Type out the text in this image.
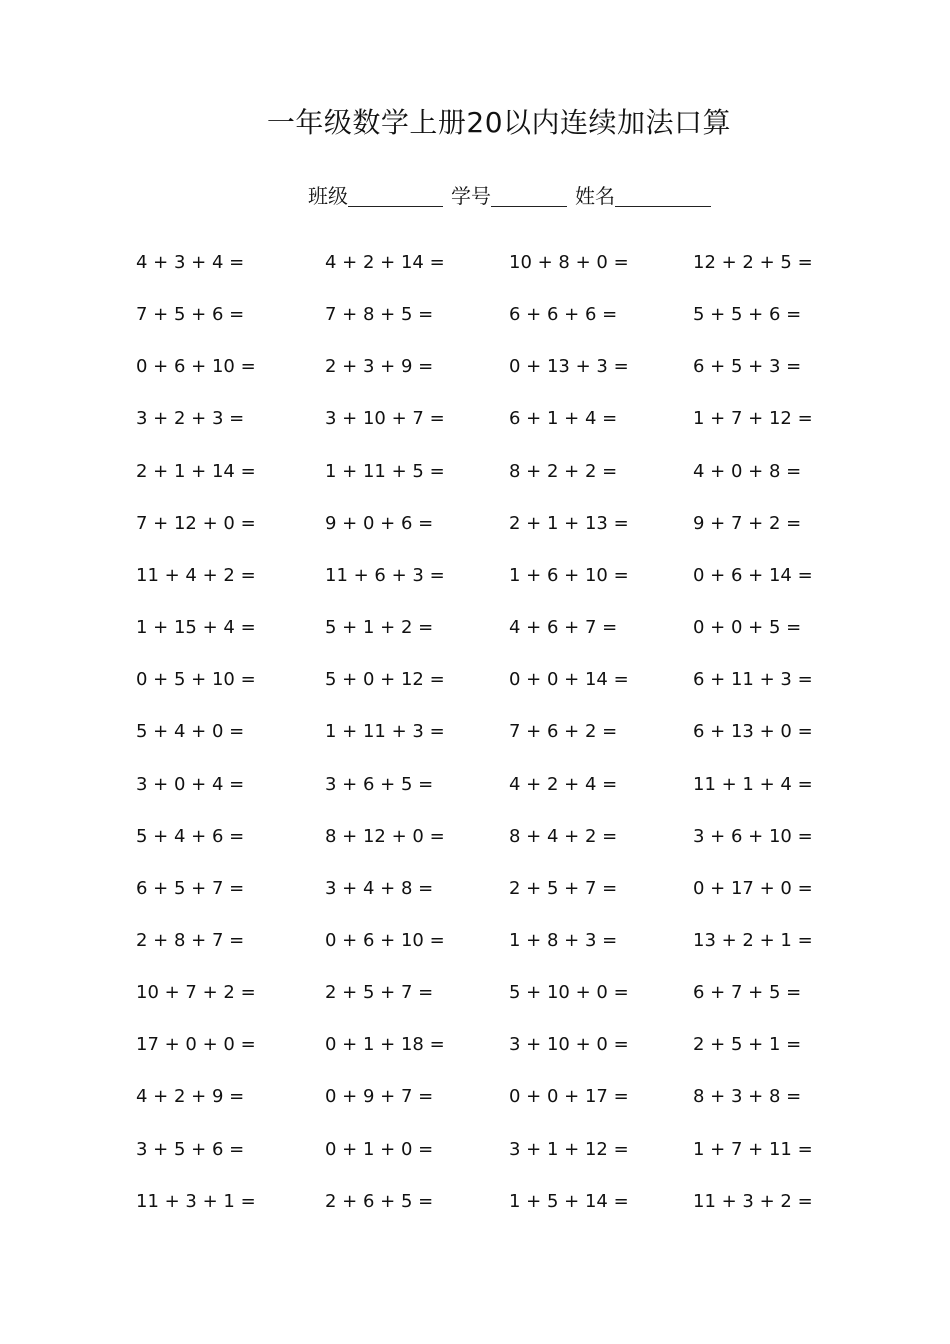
一年级数学上册20以内连续加法口算
班级	学号	姓名
4 + 3 + 4 =
7 + 5 + 6 =
0 + 6 + 10 =
3 + 2 + 3 =
2 + 1 + 14 =
7 + 12 + 0 =
11 + 4 + 2 =
1 + 15 + 4 =
0 + 5 + 10 =
5 + 4 + 0 =
3 + 0 + 4 =
5 + 4 + 6 =
6 + 5 + 7 =
2 + 8 + 7 =
10 + 7 + 2 =
17 + 0 + 0 =
4 + 2 + 9 =
3 + 5 + 6 =
11 + 3 + 1 =
4 + 2 + 14 =
7 + 8 + 5 =
2 + 3 + 9 =
3 + 10 + 7 =
1 + 11 + 5 =
9 + 0 + 6 =
11 + 6 + 3 =
5 + 1 + 2 =
5 + 0 + 12 =
1 + 11 + 3 =
3 + 6 + 5 =
8 + 12 + 0 =
3 + 4 + 8 =
0 + 6 + 10 =
2 + 5 + 7 =
0 + 1 + 18 =
0 + 9 + 7 =
0 + 1 + 0 =
2 + 6 + 5 =
10 + 8 + 0 =
6 + 6 + 6 =
0 + 13 + 3 =
6 + 1 + 4 =
8 + 2 + 2 =
2 + 1 + 13 =
1 + 6 + 10 =
4 + 6 + 7 =
0 + 0 + 14 =
7 + 6 + 2 =
4 + 2 + 4 =
8 + 4 + 2 =
2 + 5 + 7 =
1 + 8 + 3 =
5 + 10 + 0 =
3 + 10 + 0 =
0 + 0 + 17 =
3 + 1 + 12 =
1 + 5 + 14 =
12 + 2 + 5 =
5 + 5 + 6 =
6 + 5 + 3 =
1 + 7 + 12 =
4 + 0 + 8 =
9 + 7 + 2 =
0 + 6 + 14 =
0 + 0 + 5 =
6 + 11 + 3 =
6 + 13 + 0 =
11 + 1 + 4 =
3 + 6 + 10 =
0 + 17 + 0 =
13 + 2 + 1 =
6 + 7 + 5 =
2 + 5 + 1 =
8 + 3 + 8 =
1 + 7 + 11 =
11 + 3 + 2 =
